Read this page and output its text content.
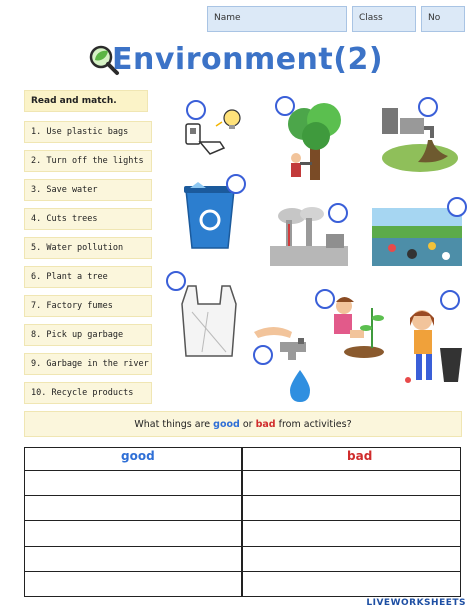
Name	Class	No
Environment(2)
Read and match.
1. Use plastic bags
2. Turn off the lights
3. Save water
4. Cuts trees
5. Water pollution
6. Plant a tree
7. Factory fumes
8. Pick up garbage
9. Garbage in the river
10. Recycle products
What things are good or bad from activities?
good	bad
LIVEWORKSHEETS
